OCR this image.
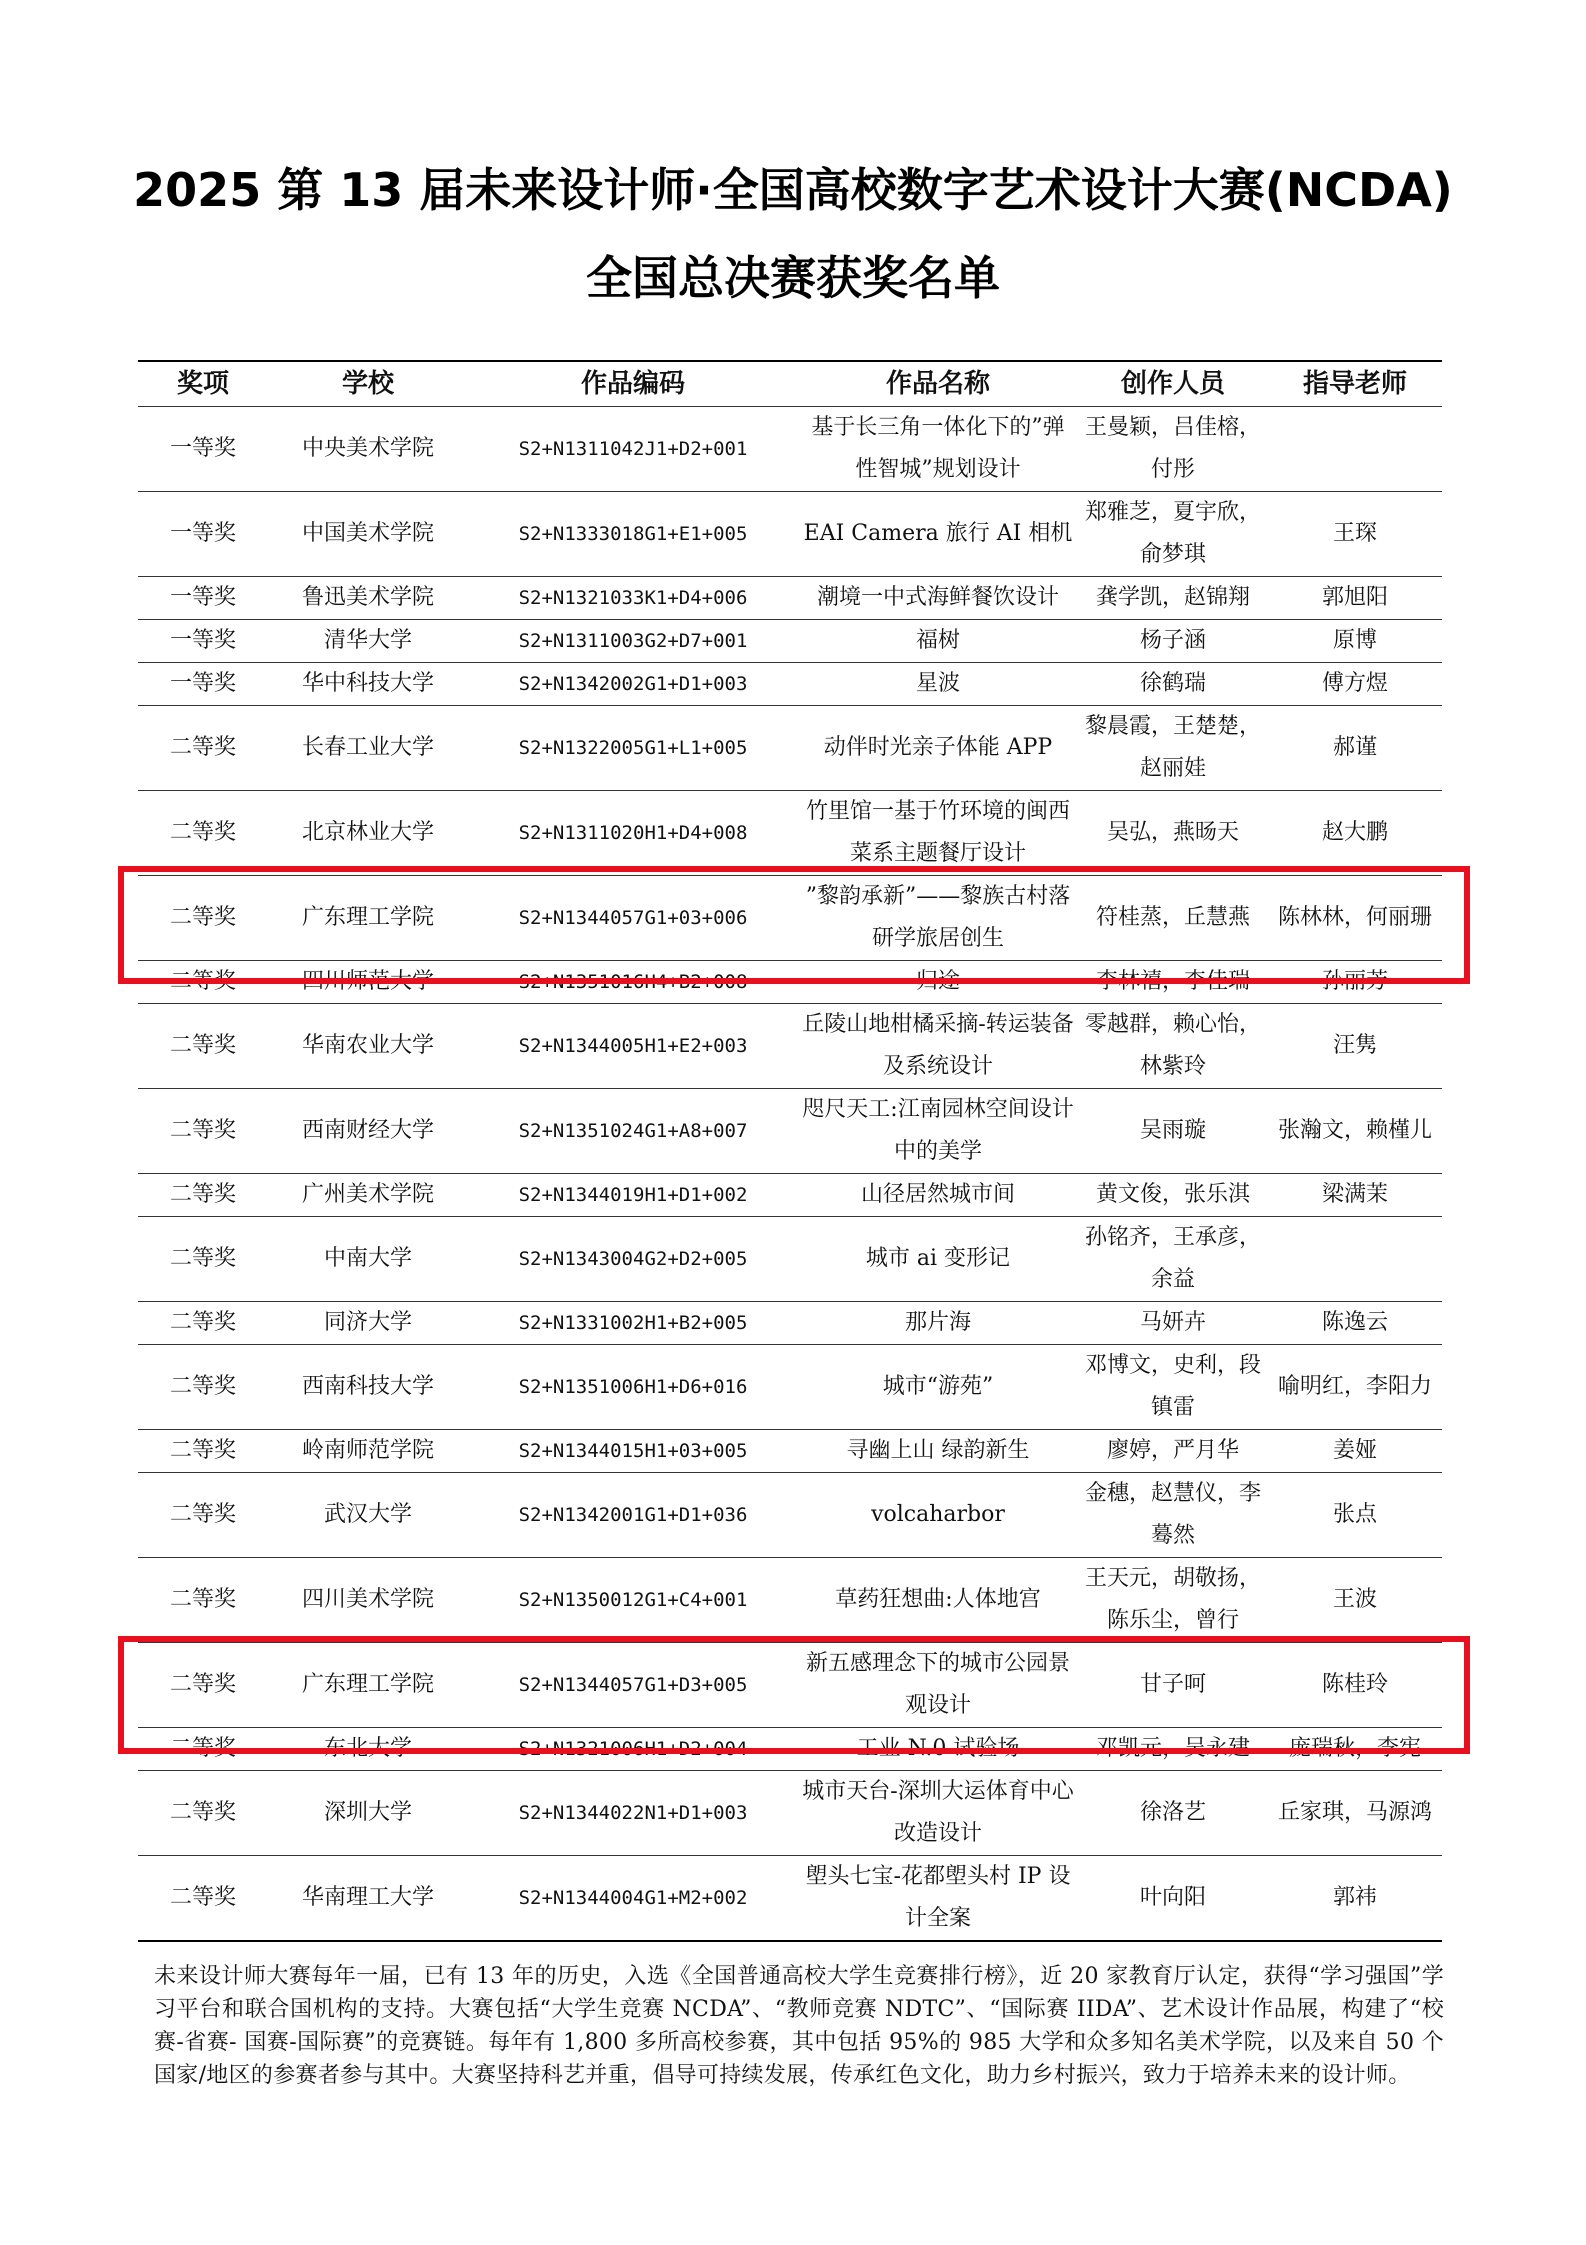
2025 第 13 届未来设计师·全国高校数字艺术设计大赛(NCDA)
全国总决赛获奖名单
奖项	学校	作品编码	作品名称	创作人员	指导老师
一等奖	中央美术学院	S2+N1311042J1+D2+001	基于长三角一体化下的”弹性智城”规划设计	王曼颖，吕佳榕，付彤	
一等奖	中国美术学院	S2+N1333018G1+E1+005	EAI Camera 旅行 AI 相机	郑雅芝，夏宇欣，俞梦琪	王琛
一等奖	鲁迅美术学院	S2+N1321033K1+D4+006	潮境一中式海鲜餐饮设计	龚学凯，赵锦翔	郭旭阳
一等奖	清华大学	S2+N1311003G2+D7+001	福树	杨子涵	原博
一等奖	华中科技大学	S2+N1342002G1+D1+003	星波	徐鹤瑞	傅方煜
二等奖	长春工业大学	S2+N1322005G1+L1+005	动伴时光亲子体能 APP	黎晨霞，王楚楚，赵丽娃	郝谨
二等奖	北京林业大学	S2+N1311020H1+D4+008	竹里馆一基于竹环境的闽西菜系主题餐厅设计	吴弘，燕旸天	赵大鹏
二等奖	广东理工学院	S2+N1344057G1+03+006	”黎韵承新”——黎族古村落研学旅居创生	符桂蒸，丘慧燕	陈林林，何丽珊
二等奖	四川师范大学	S2+N1351016H4+B2+008	归途	李林禧，李佳瑞	孙丽芳
二等奖	华南农业大学	S2+N1344005H1+E2+003	丘陵山地柑橘采摘-转运装备及系统设计	零越群，赖心怡，林紫玲	汪隽
二等奖	西南财经大学	S2+N1351024G1+A8+007	咫尺天工:江南园林空间设计中的美学	吴雨璇	张瀚文，赖槿儿
二等奖	广州美术学院	S2+N1344019H1+D1+002	山径居然城市间	黄文俊，张乐淇	梁满茉
二等奖	中南大学	S2+N1343004G2+D2+005	城市 ai 变形记	孙铭齐，王承彦，余益	
二等奖	同济大学	S2+N1331002H1+B2+005	那片海	马妍卉	陈逸云
二等奖	西南科技大学	S2+N1351006H1+D6+016	城市“游苑”	邓博文，史利，段镇雷	喻明红，李阳力
二等奖	岭南师范学院	S2+N1344015H1+03+005	寻幽上山 绿韵新生	廖婷，严月华	姜娅
二等奖	武汉大学	S2+N1342001G1+D1+036	volcaharbor	金穗，赵慧仪，李蓦然	张点
二等奖	四川美术学院	S2+N1350012G1+C4+001	草药狂想曲:人体地宫	王天元，胡敬扬，陈乐尘，曾行	王波
二等奖	广东理工学院	S2+N1344057G1+D3+005	新五感理念下的城市公园景观设计	甘子呵	陈桂玲
二等奖	东北大学	S2+N1321006H1+D2+004	工业 N.0 试验场	邓凯元，吴永建	庞瑞秋，李宪
二等奖	深圳大学	S2+N1344022N1+D1+003	城市天台-深圳大运体育中心改造设计	徐洛艺	丘家琪，马源鸿
二等奖	华南理工大学	S2+N1344004G1+M2+002	塱头七宝-花都塱头村 IP 设计全案	叶向阳	郭祎
未来设计师大赛每年一届，已有 13 年的历史，入选《全国普通高校大学生竞赛排行榜》，近 20 家教育厅认定，获得“学习强国”学习平台和联合国机构的支持。大赛包括“大学生竞赛 NCDA”、“教师竞赛 NDTC”、“国际赛 IIDA”、艺术设计作品展，构建了“校赛-省赛- 国赛-国际赛”的竞赛链。每年有 1,800 多所高校参赛，其中包括 95%的 985 大学和众多知名美术学院，以及来自 50 个国家/地区的参赛者参与其中。大赛坚持科艺并重，倡导可持续发展，传承红色文化，助力乡村振兴，致力于培养未来的设计师。
